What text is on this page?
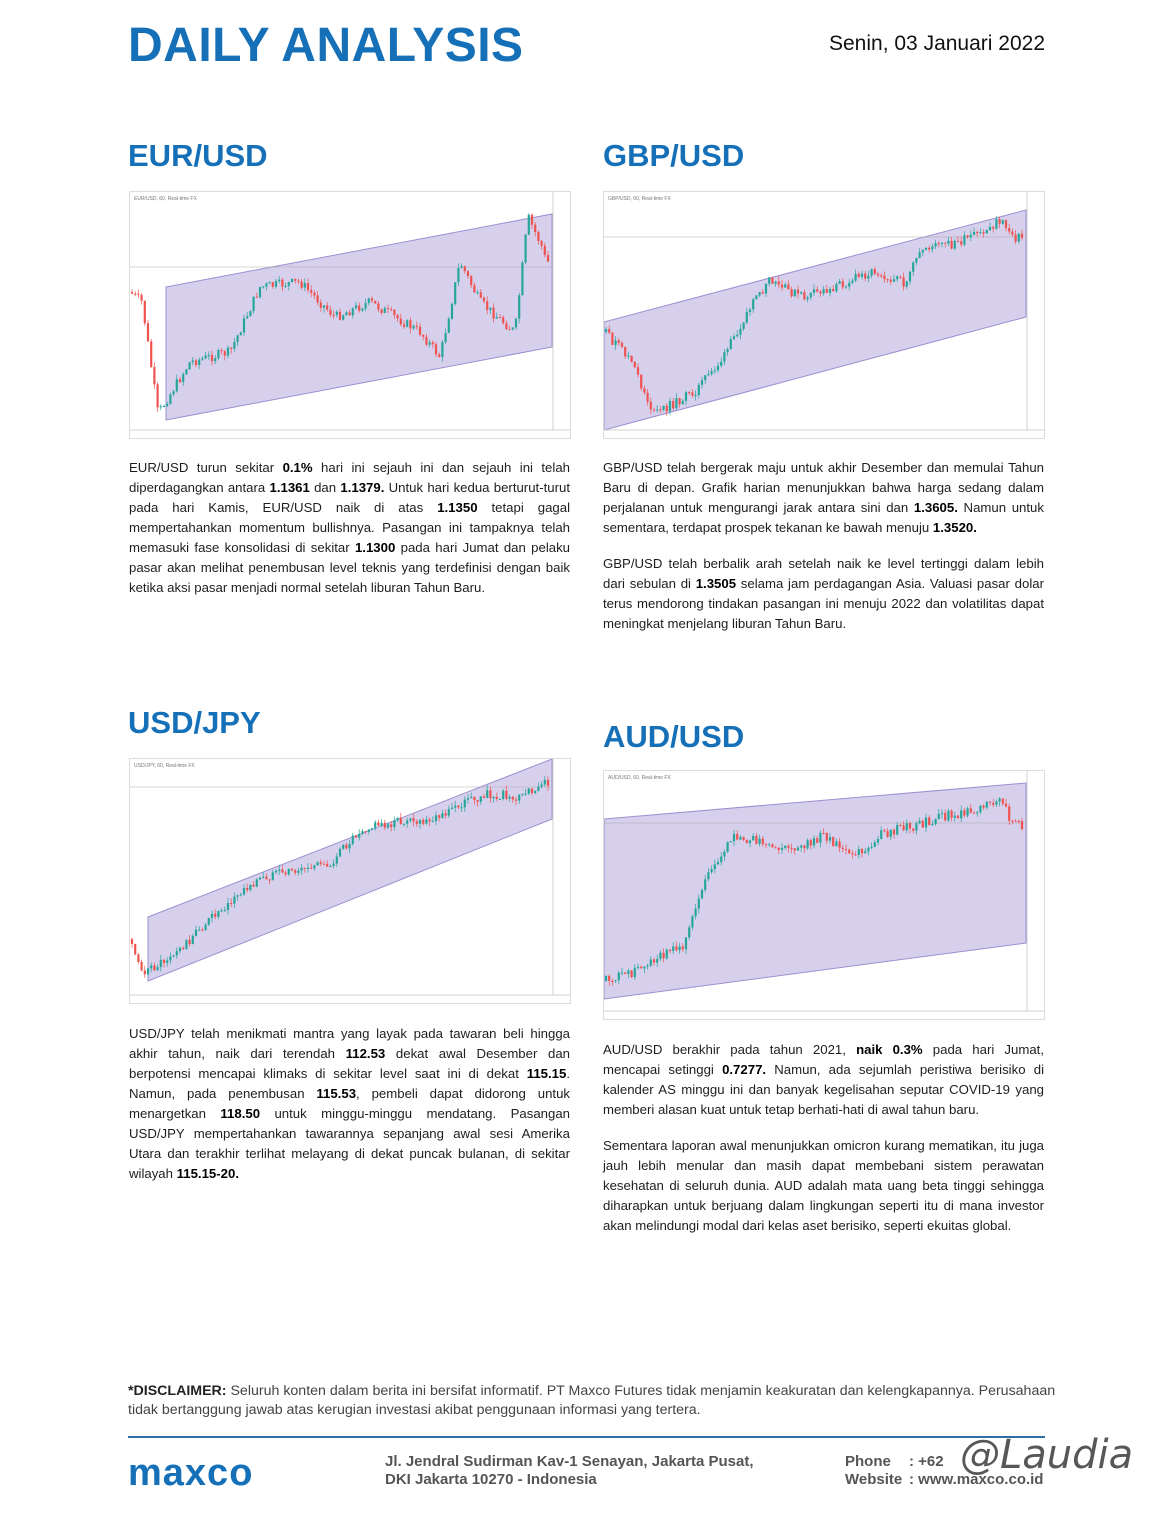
DAILY ANALYSIS	Senin, 03 Januari 2022
EUR/USD
EUR/USD, 60, Real-time FX

EUR/USD turun sekitar 0.1% hari ini sejauh ini dan sejauh ini telah diperdagangkan antara 1.1361 dan 1.1379. Untuk hari kedua berturut-turut pada hari Kamis, EUR/USD naik di atas 1.1350 tetapi gagal mempertahankan momentum bullishnya. Pasangan ini tampaknya telah memasuki fase konsolidasi di sekitar 1.1300 pada hari Jumat dan pelaku pasar akan melihat penembusan level teknis yang terdefinisi dengan baik ketika aksi pasar menjadi normal setelah liburan Tahun Baru.

GBP/USD
GBP/USD, 60, Real-time FX

GBP/USD telah bergerak maju untuk akhir Desember dan memulai Tahun Baru di depan. Grafik harian menunjukkan bahwa harga sedang dalam perjalanan untuk mengurangi jarak antara sini dan 1.3605. Namun untuk sementara, terdapat prospek tekanan ke bawah menuju 1.3520.

GBP/USD telah berbalik arah setelah naik ke level tertinggi dalam lebih dari sebulan di 1.3505 selama jam perdagangan Asia. Valuasi pasar dolar terus mendorong tindakan pasangan ini menuju 2022 dan volatilitas dapat meningkat menjelang liburan Tahun Baru.

USD/JPY
USD/JPY, 60, Real-time FX

USD/JPY telah menikmati mantra yang layak pada tawaran beli hingga akhir tahun, naik dari terendah 112.53 dekat awal Desember dan berpotensi mencapai klimaks di sekitar level saat ini di dekat 115.15. Namun, pada penembusan 115.53, pembeli dapat didorong untuk menargetkan 118.50 untuk minggu-minggu mendatang. Pasangan USD/JPY mempertahankan tawarannya sepanjang awal sesi Amerika Utara dan terakhir terlihat melayang di dekat puncak bulanan, di sekitar wilayah 115.15-20.

AUD/USD
AUD/USD, 60, Real-time FX

AUD/USD berakhir pada tahun 2021, naik 0.3% pada hari Jumat, mencapai setinggi 0.7277. Namun, ada sejumlah peristiwa berisiko di kalender AS minggu ini dan banyak kegelisahan seputar COVID-19 yang memberi alasan kuat untuk tetap berhati-hati di awal tahun baru.

Sementara laporan awal menunjukkan omicron kurang mematikan, itu juga jauh lebih menular dan masih dapat membebani sistem perawatan kesehatan di seluruh dunia. AUD adalah mata uang beta tinggi sehingga diharapkan untuk berjuang dalam lingkungan seperti itu di mana investor akan melindungi modal dari kelas aset berisiko, seperti ekuitas global.

*DISCLAIMER: Seluruh konten dalam berita ini bersifat informatif. PT Maxco Futures tidak menjamin keakuratan dan kelengkapannya. Perusahaan tidak bertanggung jawab atas kerugian investasi akibat penggunaan informasi yang tertera.
maxco	Jl. Jendral Sudirman Kav-1 Senayan, Jakarta Pusat,
DKI Jakarta 10270 - Indonesia
Phone : +62
Website : www.maxco.co.id
@Laudia
